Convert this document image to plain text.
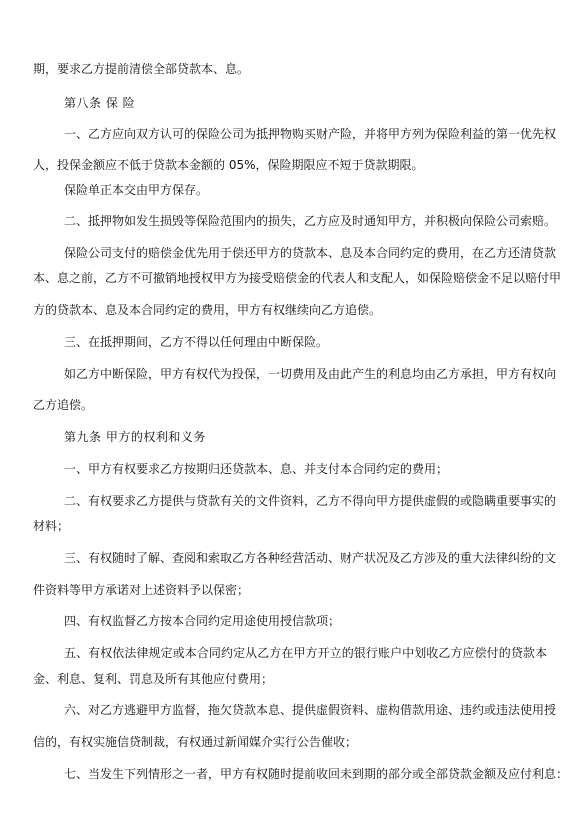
期，要求乙方提前清偿全部贷款本、息。
第八条 保 险
一、乙方应向双方认可的保险公司为抵押物购买财产险，并将甲方列为保险利益的第一优先权
人，投保金额应不低于贷款本金额的 05%，保险期限应不短于贷款期限。
保险单正本交由甲方保存。
二、抵押物如发生损毁等保险范围内的损失，乙方应及时通知甲方，并积极向保险公司索赔。
保险公司支付的赔偿金优先用于偿还甲方的贷款本、息及本合同约定的费用，在乙方还清贷款
本、息之前，乙方不可撤销地授权甲方为接受赔偿金的代表人和支配人，如保险赔偿金不足以赔付甲
方的贷款本、息及本合同约定的费用，甲方有权继续向乙方追偿。
三、在抵押期间，乙方不得以任何理由中断保险。
如乙方中断保险，甲方有权代为投保，一切费用及由此产生的利息均由乙方承担，甲方有权向
乙方追偿。
第九条 甲方的权利和义务
一、甲方有权要求乙方按期归还贷款本、息、并支付本合同约定的费用；
二、有权要求乙方提供与贷款有关的文件资料，乙方不得向甲方提供虚假的或隐瞒重要事实的
材料；
三、有权随时了解、查阅和索取乙方各种经营活动、财产状况及乙方涉及的重大法律纠纷的文
件资料等甲方承诺对上述资料予以保密；
四、有权监督乙方按本合同约定用途使用授信款项；
五、有权依法律规定或本合同约定从乙方在甲方开立的银行账户中划收乙方应偿付的贷款本
金、利息、复利、罚息及所有其他应付费用；
六、对乙方逃避甲方监督，拖欠贷款本息、提供虚假资料、虚构借款用途、违约或违法使用授
信的，有权实施信贷制裁，有权通过新闻媒介实行公告催收；
七、当发生下列情形之一者，甲方有权随时提前收回未到期的部分或全部贷款金额及应付利息：
